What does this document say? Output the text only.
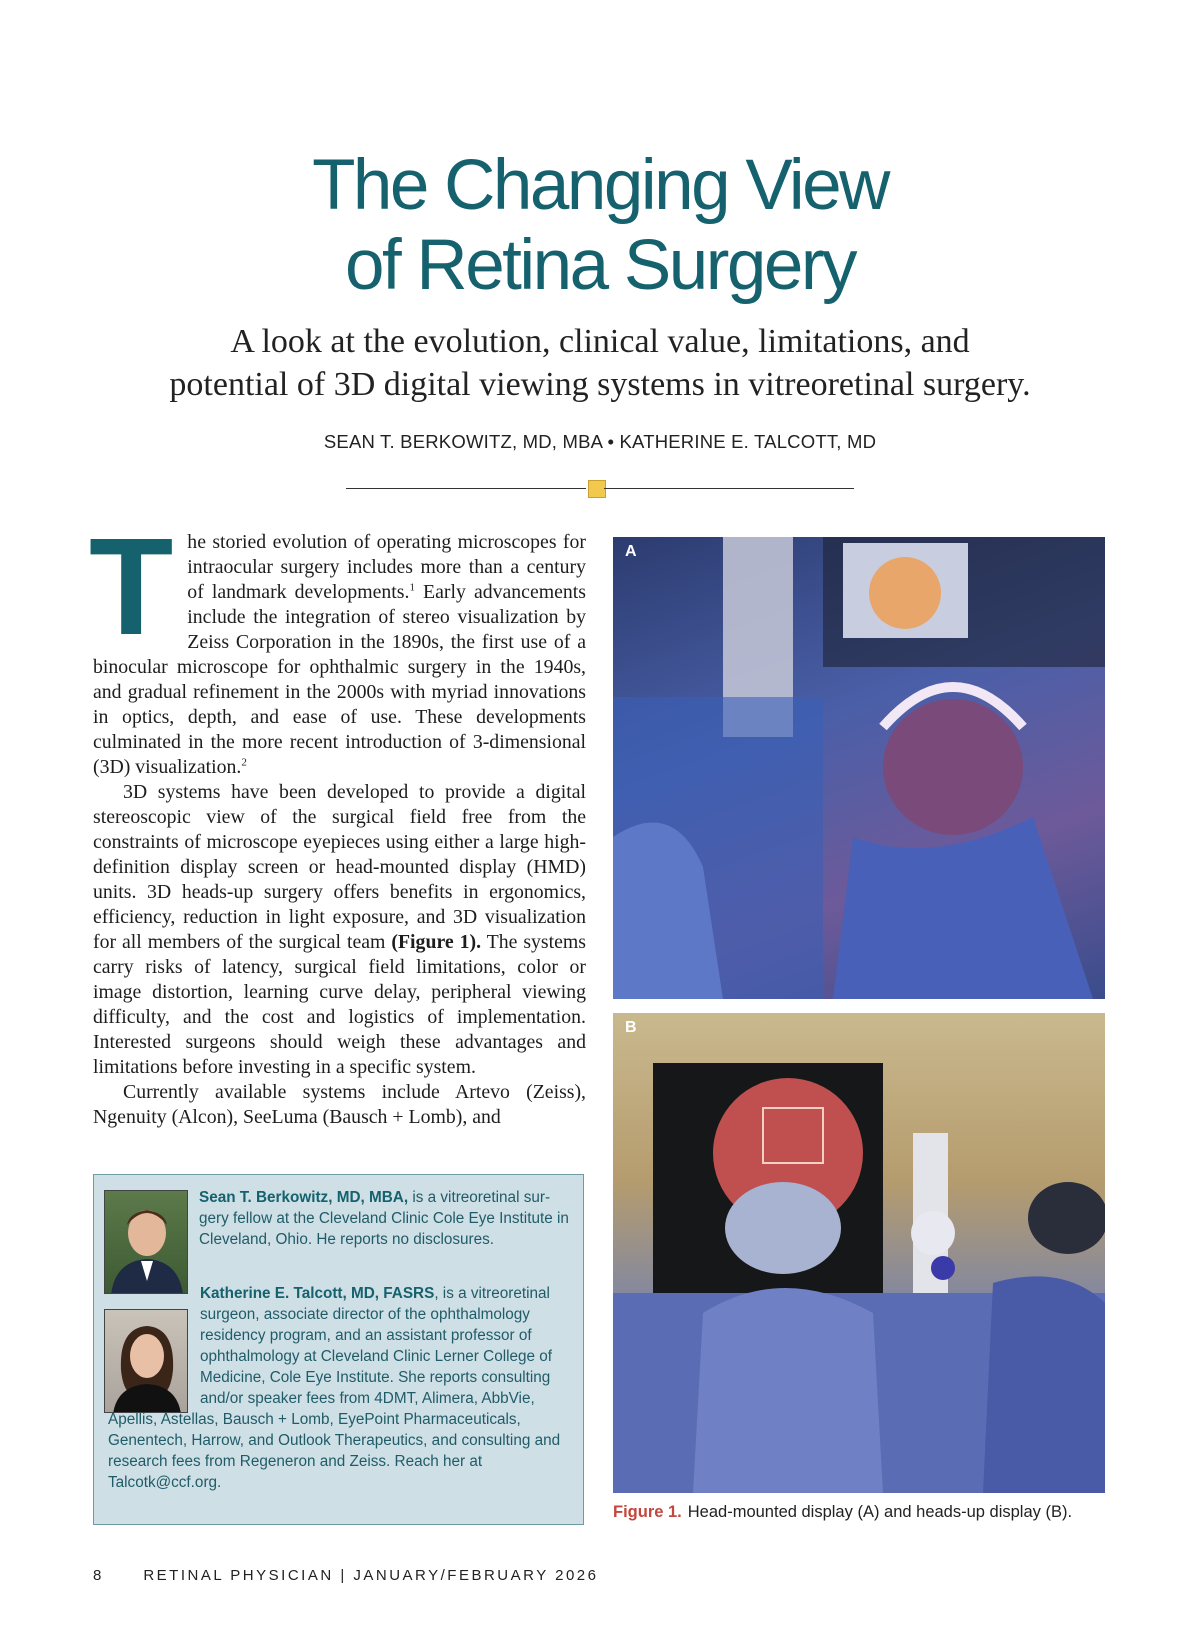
The Changing View
of Retina Surgery
A look at the evolution, clinical value, limitations, and
potential of 3D digital viewing systems in vitreoretinal surgery.
SEAN T. BERKOWITZ, MD, MBA • KATHERINE E. TALCOTT, MD

The storied evolution of operating microscopes for intraocular surgery includes more than a century of landmark developments.$^1$ Early advancements include the integration of stereo visualization by Zeiss Corporation in the 1890s, the first use of a binocular microscope for ophthalmic surgery in the 1940s, and gradual refinement in the 2000s with myriad innovations in optics, depth, and ease of use. These developments culminated in the more recent introduction of 3-dimensional (3D) visualization.$^2$

3D systems have been developed to provide a digital stereoscopic view of the surgical field free from the constraints of microscope eyepieces using either a large high-definition display screen or head-mounted display (HMD) units. 3D heads-up surgery offers benefits in ergonomics, efficiency, reduction in light exposure, and 3D visualization for all members of the surgical team (Figure 1). The systems carry risks of latency, surgical field limitations, color or image distortion, learning curve delay, peripheral viewing difficulty, and the cost and logistics of implementation. Interested surgeons should weigh these advantages and limitations before investing in a specific system.

Currently available systems include Artevo (Zeiss), Ngenuity (Alcon), SeeLuma (Bausch + Lomb), and

Sean T. Berkowitz, MD, MBA, is a vitreoretinal surgery fellow at the Cleveland Clinic Cole Eye Institute in Cleveland, Ohio. He reports no disclosures.
Katherine E. Talcott, MD, FASRS, is a vitreoretinal surgeon, associate director of the ophthalmology residency program, and an assistant professor of ophthalmology at Cleveland Clinic Lerner College of Medicine, Cole Eye Institute. She reports consulting and/or speaker fees from 4DMT, Alimera, AbbVie, Apellis, Astellas, Bausch + Lomb, EyePoint Pharmaceuticals, Genentech, Harrow, and Outlook Therapeutics, and consulting and research fees from Regeneron and Zeiss. Reach her at Talcotk@ccf.org.
A
B
Figure 1. Head-mounted display (A) and heads-up display (B).
8	RETINAL PHYSICIAN | JANUARY/FEBRUARY 2026
